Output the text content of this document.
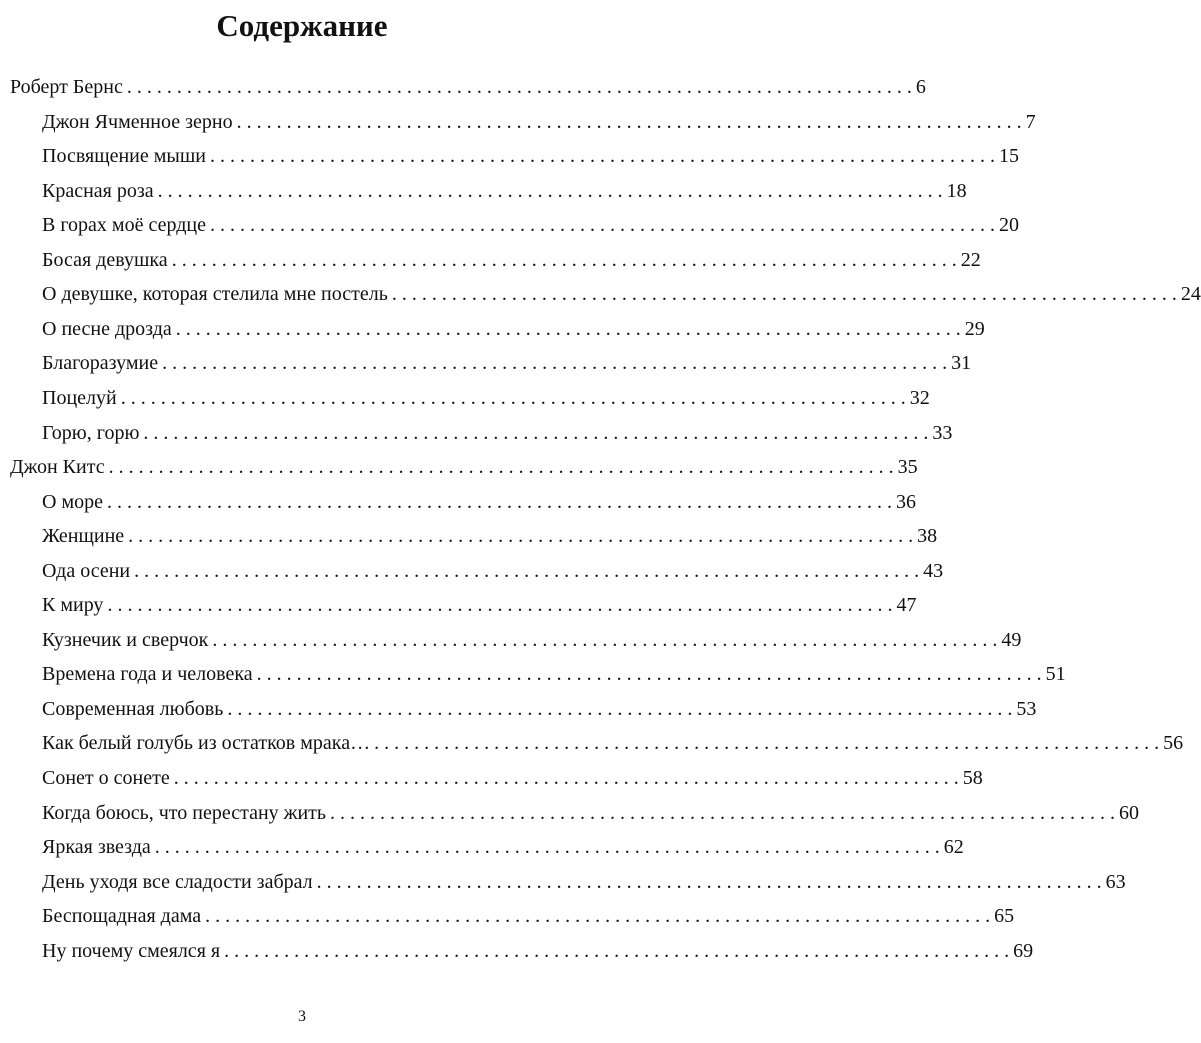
Содержание
Роберт Бернс . . . . . . . . . . . . . . . . . . . . . . . . . . . . . . . . . . . . . . . . . . . . . . . . . . . . . . . . . . . . . . . . . . . . . . . . . . . . . . . 6
Джон Ячменное зерно . . . . . . . . . . . . . . . . . . . . . . . . . . . . . . . . . . . . . . . . . . . . . . . . . . . . . . . . . . . . . . . . . . . . . . . . . . . . . . . 7
Посвящение мыши . . . . . . . . . . . . . . . . . . . . . . . . . . . . . . . . . . . . . . . . . . . . . . . . . . . . . . . . . . . . . . . . . . . . . . . . . . . . . . . 15
Красная роза . . . . . . . . . . . . . . . . . . . . . . . . . . . . . . . . . . . . . . . . . . . . . . . . . . . . . . . . . . . . . . . . . . . . . . . . . . . . . . . 18
В горах моё сердце . . . . . . . . . . . . . . . . . . . . . . . . . . . . . . . . . . . . . . . . . . . . . . . . . . . . . . . . . . . . . . . . . . . . . . . . . . . . . . . 20
Босая девушка . . . . . . . . . . . . . . . . . . . . . . . . . . . . . . . . . . . . . . . . . . . . . . . . . . . . . . . . . . . . . . . . . . . . . . . . . . . . . . . 22
О девушке, которая стелила мне постель . . . . . . . . . . . . . . . . . . . . . . . . . . . . . . . . . . . . . . . . . . . . . . . . . . . . . . . . . . . . . . . . . . . . . . . . . . . . . . . 24
О песне дрозда . . . . . . . . . . . . . . . . . . . . . . . . . . . . . . . . . . . . . . . . . . . . . . . . . . . . . . . . . . . . . . . . . . . . . . . . . . . . . . . 29
Благоразумие . . . . . . . . . . . . . . . . . . . . . . . . . . . . . . . . . . . . . . . . . . . . . . . . . . . . . . . . . . . . . . . . . . . . . . . . . . . . . . . 31
Поцелуй . . . . . . . . . . . . . . . . . . . . . . . . . . . . . . . . . . . . . . . . . . . . . . . . . . . . . . . . . . . . . . . . . . . . . . . . . . . . . . . 32
Горю, горю . . . . . . . . . . . . . . . . . . . . . . . . . . . . . . . . . . . . . . . . . . . . . . . . . . . . . . . . . . . . . . . . . . . . . . . . . . . . . . . 33
Джон Китс . . . . . . . . . . . . . . . . . . . . . . . . . . . . . . . . . . . . . . . . . . . . . . . . . . . . . . . . . . . . . . . . . . . . . . . . . . . . . . . 35
О море . . . . . . . . . . . . . . . . . . . . . . . . . . . . . . . . . . . . . . . . . . . . . . . . . . . . . . . . . . . . . . . . . . . . . . . . . . . . . . . 36
Женщине . . . . . . . . . . . . . . . . . . . . . . . . . . . . . . . . . . . . . . . . . . . . . . . . . . . . . . . . . . . . . . . . . . . . . . . . . . . . . . . 38
Ода осени . . . . . . . . . . . . . . . . . . . . . . . . . . . . . . . . . . . . . . . . . . . . . . . . . . . . . . . . . . . . . . . . . . . . . . . . . . . . . . . 43
К миру . . . . . . . . . . . . . . . . . . . . . . . . . . . . . . . . . . . . . . . . . . . . . . . . . . . . . . . . . . . . . . . . . . . . . . . . . . . . . . . 47
Кузнечик и сверчок . . . . . . . . . . . . . . . . . . . . . . . . . . . . . . . . . . . . . . . . . . . . . . . . . . . . . . . . . . . . . . . . . . . . . . . . . . . . . . . 49
Времена года и человека . . . . . . . . . . . . . . . . . . . . . . . . . . . . . . . . . . . . . . . . . . . . . . . . . . . . . . . . . . . . . . . . . . . . . . . . . . . . . . . 51
Современная любовь . . . . . . . . . . . . . . . . . . . . . . . . . . . . . . . . . . . . . . . . . . . . . . . . . . . . . . . . . . . . . . . . . . . . . . . . . . . . . . . 53
Как белый голубь из остатков мрака… . . . . . . . . . . . . . . . . . . . . . . . . . . . . . . . . . . . . . . . . . . . . . . . . . . . . . . . . . . . . . . . . . . . . . . . . . . . . . . . 56
Сонет о сонете . . . . . . . . . . . . . . . . . . . . . . . . . . . . . . . . . . . . . . . . . . . . . . . . . . . . . . . . . . . . . . . . . . . . . . . . . . . . . . . 58
Когда боюсь, что перестану жить . . . . . . . . . . . . . . . . . . . . . . . . . . . . . . . . . . . . . . . . . . . . . . . . . . . . . . . . . . . . . . . . . . . . . . . . . . . . . . . 60
Яркая звезда . . . . . . . . . . . . . . . . . . . . . . . . . . . . . . . . . . . . . . . . . . . . . . . . . . . . . . . . . . . . . . . . . . . . . . . . . . . . . . . 62
День уходя все сладости забрал . . . . . . . . . . . . . . . . . . . . . . . . . . . . . . . . . . . . . . . . . . . . . . . . . . . . . . . . . . . . . . . . . . . . . . . . . . . . . . . 63
Беспощадная дама . . . . . . . . . . . . . . . . . . . . . . . . . . . . . . . . . . . . . . . . . . . . . . . . . . . . . . . . . . . . . . . . . . . . . . . . . . . . . . . 65
Ну почему смеялся я . . . . . . . . . . . . . . . . . . . . . . . . . . . . . . . . . . . . . . . . . . . . . . . . . . . . . . . . . . . . . . . . . . . . . . . . . . . . . . . 69
3
